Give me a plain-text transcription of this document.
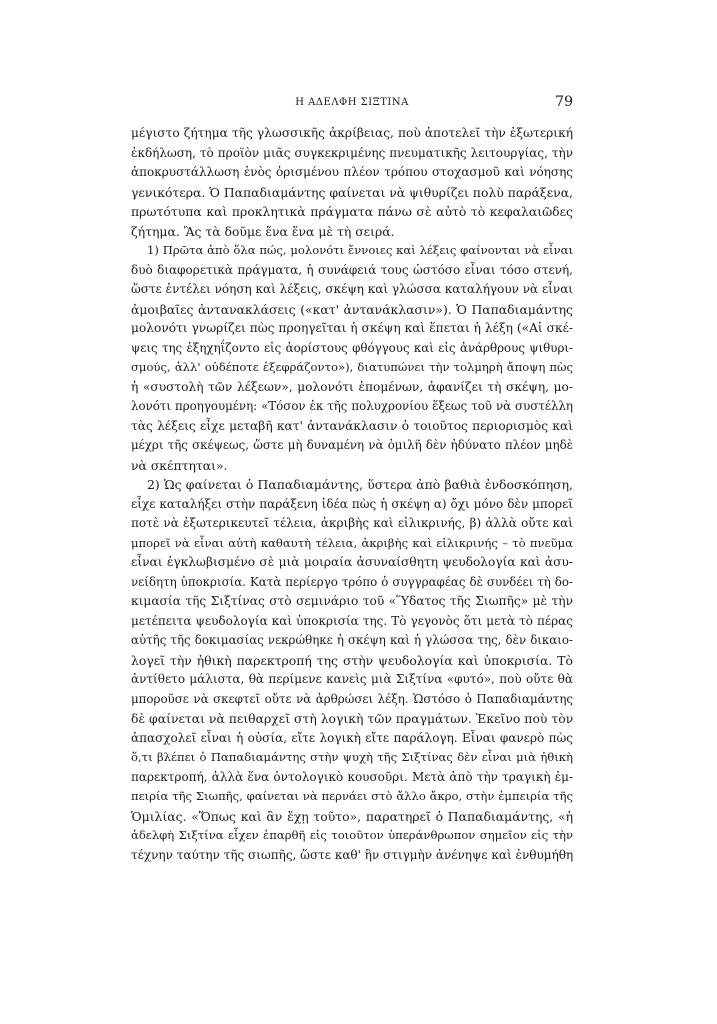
Η ΑΔΕΛΦΗ ΣΙΞΤΙΝΑ	79
μέγιστο ζήτημα τῆς γλωσσικῆς ἀκρίβειας, ποὺ ἀποτελεῖ τὴν ἐξωτερική
ἐκδήλωση, τὸ προϊὸν μιᾶς συγκεκριμένης πνευματικῆς λειτουργίας, τὴν
ἀποκρυστάλλωση ἑνὸς ὁρισμένου πλέον τρόπου στοχασμοῦ καὶ νόησης
γενικότερα. Ὁ Παπαδιαμάντης φαίνεται νὰ ψιθυρίζει πολὺ παράξενα,
πρωτότυπα καὶ προκλητικὰ πράγματα πάνω σὲ αὐτὸ τὸ κεφαλαιῶδες
ζήτημα. Ἂς τὰ δοῦμε ἕνα ἕνα μὲ τὴ σειρά.
1) Πρῶτα ἀπὸ ὅλα πώς, μολονότι ἔννοιες καὶ λέξεις φαίνονται νὰ εἶναι
δυὸ διαφορετικὰ πράγματα, ἡ συνάφειά τους ὡστόσο εἶναι τόσο στενή,
ὥστε ἐντέλει νόηση καὶ λέξεις, σκέψη καὶ γλώσσα καταλήγουν νὰ εἶναι
ἀμοιβαῖες ἀντανακλάσεις («κατ' ἀντανάκλασιν»). Ὁ Παπαδιαμάντης
μολονότι γνωρίζει πὼς προηγεῖται ἡ σκέψη καὶ ἕπεται ἡ λέξη («Αἱ σκέ-
ψεις της ἐξηχηΐζοντο εἰς ἀορίστους φθόγγους καὶ εἰς ἀνάρθρους ψιθυρι-
σμούς, ἀλλ' οὐδέποτε ἐξεφράζοντο»), διατυπώνει τὴν τολμηρὴ ἄποψη πὼς
ἡ «συστολὴ τῶν λέξεων», μολονότι ἑπομένων, ἀφανίζει τὴ σκέψη, μο-
λονότι προηγουμένη: «Τόσον ἐκ τῆς πολυχρονίου ἕξεως τοῦ νὰ συστέλλη
τὰς λέξεις εἶχε μεταβῆ κατ' ἀντανάκλασιν ὁ τοιοῦτος περιορισμὸς καὶ
μέχρι τῆς σκέψεως, ὥστε μὴ δυναμένη νὰ ὁμιλῆ δὲν ἠδύνατο πλέον μηδὲ
νὰ σκέπτηται».
2) Ὡς φαίνεται ὁ Παπαδιαμάντης, ὕστερα ἀπὸ βαθιὰ ἐνδοσκόπηση,
εἶχε καταλήξει στὴν παράξενη ἰδέα πὼς ἡ σκέψη α) ὄχι μόνο δὲν μπορεῖ
ποτὲ νὰ ἐξωτερικευτεῖ τέλεια, ἀκριβὴς καὶ εἰλικρινής, β) ἀλλὰ οὔτε καὶ
μπορεῖ νὰ εἶναι αὐτὴ καθαυτὴ τέλεια, ἀκριβὴς καὶ εἰλικρινής – τὸ πνεῦμα
εἶναι ἐγκλωβισμένο σὲ μιὰ μοιραία ἀσυναίσθητη ψευδολογία καὶ ἀσυ-
νείδητη ὑποκρισία. Κατὰ περίεργο τρόπο ὁ συγγραφέας δὲ συνδέει τὴ δο-
κιμασία τῆς Σιξτίνας στὸ σεμινάριο τοῦ «Ὕδατος τῆς Σιωπῆς» μὲ τὴν
μετέπειτα ψευδολογία καὶ ὑποκρισία της. Τὸ γεγονὸς ὅτι μετὰ τὸ πέρας
αὐτῆς τῆς δοκιμασίας νεκρώθηκε ἡ σκέψη καὶ ἡ γλώσσα της, δὲν δικαιο-
λογεῖ τὴν ἠθικὴ παρεκτροπή της στὴν ψευδολογία καὶ ὑποκρισία. Τὸ
ἀντίθετο μάλιστα, θὰ περίμενε κανεὶς μιὰ Σιξτίνα «φυτό», ποὺ οὔτε θὰ
μποροῦσε νὰ σκεφτεῖ οὔτε νὰ ἀρθρώσει λέξη. Ὡστόσο ὁ Παπαδιαμάντης
δὲ φαίνεται νὰ πειθαρχεῖ στὴ λογικὴ τῶν πραγμάτων. Ἐκεῖνο ποὺ τὸν
ἀπασχολεῖ εἶναι ἡ οὐσία, εἴτε λογικὴ εἴτε παράλογη. Εἶναι φανερὸ πὼς
ὅ,τι βλέπει ὁ Παπαδιαμάντης στὴν ψυχὴ τῆς Σιξτίνας δὲν εἶναι μιὰ ἠθικὴ
παρεκτροπή, ἀλλὰ ἕνα ὀντολογικὸ κουσοῦρι. Μετὰ ἀπὸ τὴν τραγικὴ ἐμ-
πειρία τῆς Σιωπῆς, φαίνεται νὰ περνάει στὸ ἄλλο ἄκρο, στὴν ἐμπειρία τῆς
Ὁμιλίας. «Ὅπως καὶ ἂν ἔχῃ τοῦτο», παρατηρεῖ ὁ Παπαδιαμάντης, «ἡ
ἀδελφὴ Σιξτίνα εἶχεν ἐπαρθῆ εἰς τοιοῦτον ὑπεράνθρωπον σημεῖον εἰς τὴν
τέχνην ταύτην τῆς σιωπῆς, ὥστε καθ' ἣν στιγμὴν ἀνένηψε καὶ ἐνθυμήθη
